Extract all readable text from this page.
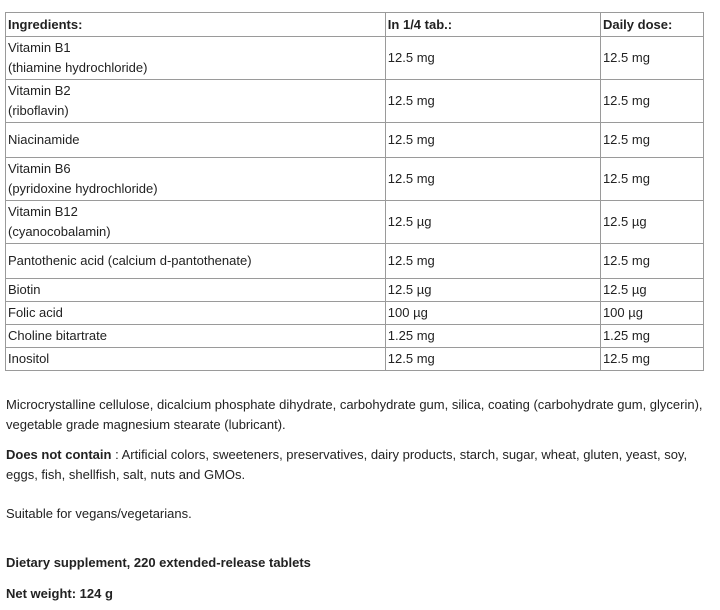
Ingredients:	In 1/4 tab.:	Daily dose:

Vitamin B1
(thiamine hydrochloride)	12.5 mg	12.5 mg

Vitamin B2
(riboflavin)	12.5 mg	12.5 mg
Niacinamide	12.5 mg	12.5 mg

Vitamin B6
(pyridoxine hydrochloride)	12.5 mg	12.5 mg

Vitamin B12
(cyanocobalamin)	12.5 µg	12.5 µg
Pantothenic acid (calcium d-pantothenate)	12.5 mg	12.5 mg
Biotin	12.5 µg	12.5 µg
Folic acid	100 µg	100 µg
Choline bitartrate	1.25 mg	1.25 mg
Inositol	12.5 mg	12.5 mg

Microcrystalline cellulose, dicalcium phosphate dihydrate, carbohydrate gum, silica, coating (carbohydrate gum, glycerin), vegetable grade magnesium stearate (lubricant).

Does not contain : Artificial colors, sweeteners, preservatives, dairy products, starch, sugar, wheat, gluten, yeast, soy, eggs, fish, shellfish, salt, nuts and GMOs.

Suitable for vegans/vegetarians.

Dietary supplement, 220 extended-release tablets

Net weight: 124 g
